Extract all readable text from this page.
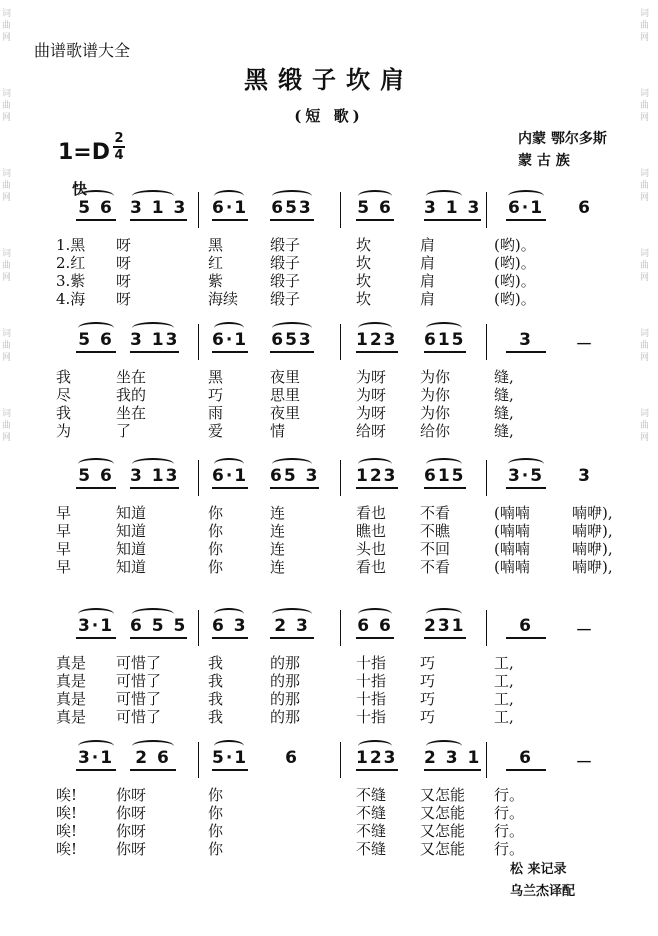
词
曲
网
词
曲
网
词
曲
网
词
曲
网
词
曲
网
词
曲
网
词
曲
网
词
曲
网
词
曲
网
词
曲
网
词
曲
网
词
曲
网
曲谱歌谱大全
黑缎子坎肩
(短 歌)
1=D
2
4
内蒙 鄂尔多斯
蒙 古 族
快
5 6 3 1 3 6·1 653	5 6 3 1 3 6·1	6
1.黑 呀	黑	缎子	坎	肩	(哟)。
2.红 呀	红	缎子	坎	肩	(哟)。
3.紫 呀	紫	缎子	坎	肩	(哟)。
4.海 呀	海续 缎子	坎	肩	(哟)。
5 6 3 13 6·1 653	123 615	3	－
我	坐在	黑	夜里	为呀 为你	缝,
尽	我的	巧	思里	为呀 为你	缝,
我	坐在	雨	夜里	为呀 为你	缝,
为	了	爱	情	给呀 给你	缝,
5 6 3 13 6·1 65 3 123 615 3·5	3
早	知道	你	连	看也 不看	(喃喃	喃咿),
早	知道	你	连	瞧也 不瞧	(喃喃	喃咿),
早	知道	你	连	头也 不回	(喃喃	喃咿),
早	知道	你	连	看也 不看	(喃喃	喃咿),
3·1 6 5 5 6 3 2 3	6 6 231	6	－
真是 可惜了	我	的那	十指 巧	工,
真是 可惜了	我	的那	十指 巧	工,
真是 可惜了	我	的那	十指 巧	工,
真是 可惜了	我	的那	十指 巧	工,
3·1	2 6	5·1	6	123 2 3 1	6	－
唉!	你呀	你	不缝 又怎能 行。
唉!	你呀	你	不缝 又怎能 行。
唉!	你呀	你	不缝 又怎能 行。
唉!	你呀	你	不缝 又怎能 行。
松 来记录
乌兰杰译配
